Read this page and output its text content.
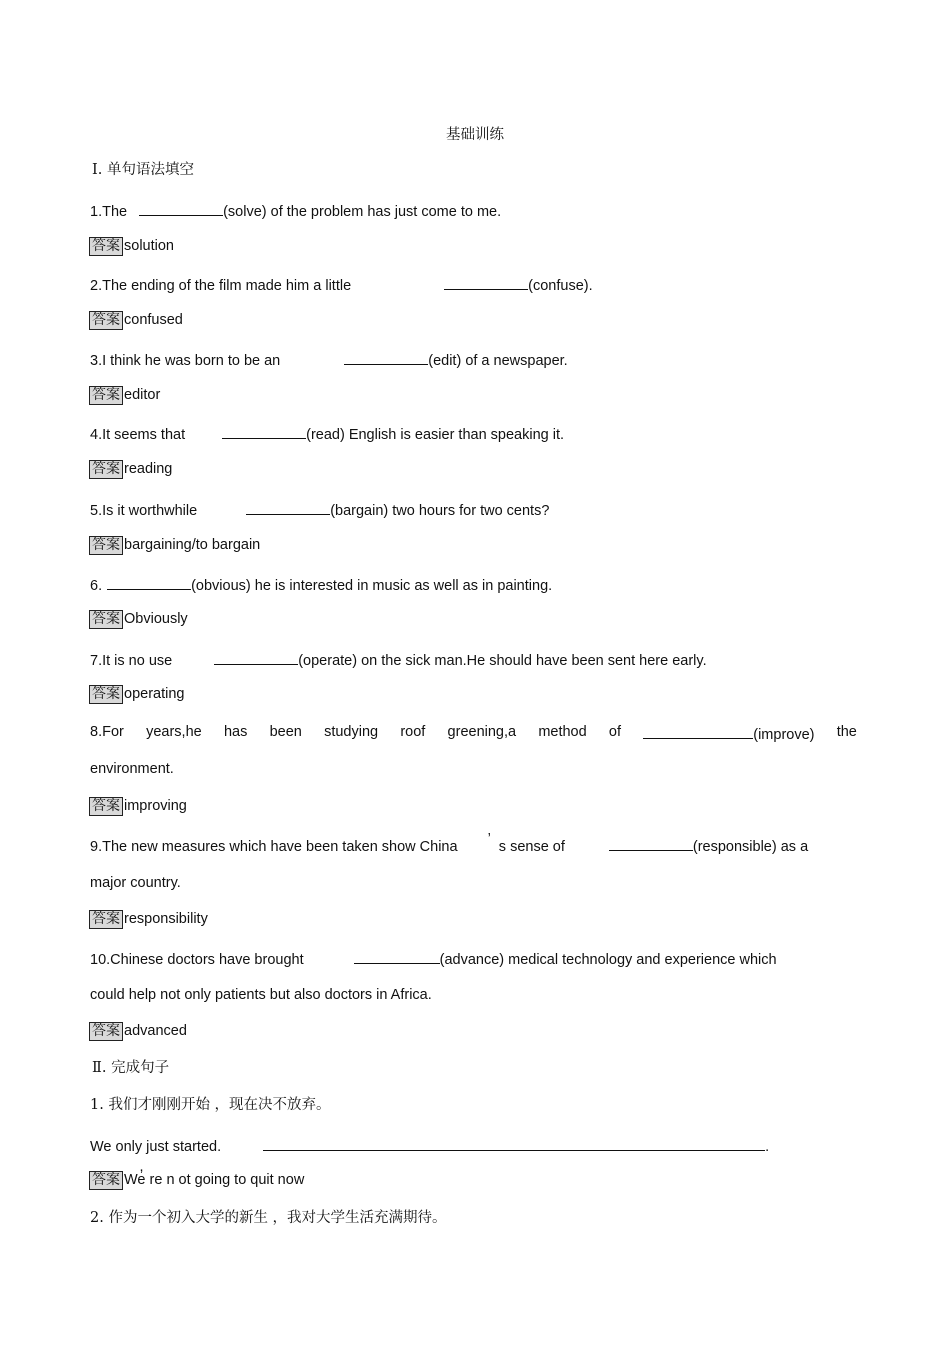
基础训练
Ⅰ. 单句语法填空
1.The	(solve) of the problem has just come to me.
答案 solution
2.The ending of the film made him a little	(confuse).
答案 confused
3.I think he was born to be an	(edit) of a newspaper.
答案 editor
4.It seems that	(read) English is easier than speaking it.
答案 reading
5.Is it worthwhile	(bargain) two hours for two cents?
答案 bargaining/to bargain
6.	(obvious) he is interested in music as well as in painting.
答案 Obviously
7.It is no use	(operate) on the sick man.He should have been sent here early.
答案 operating
8.For years,he has been studying roof greening,a method of	(improve) the
environment.
答案 improving
9.The new measures which have been taken show China ’ s sense of	(responsible) as a
major country.
答案 responsibility
10.Chinese doctors have brought	(advance) medical technology and experience which
could help not only patients but also doctors in Africa.
答案 advanced
Ⅱ. 完成句子
1. 我们才刚刚开始 ，现在决不放弃。
We only just started.	.
答案 We̓ re n ot going to quit now
2. 作为一个初入大学的新生 ，我对大学生活充满期待。
